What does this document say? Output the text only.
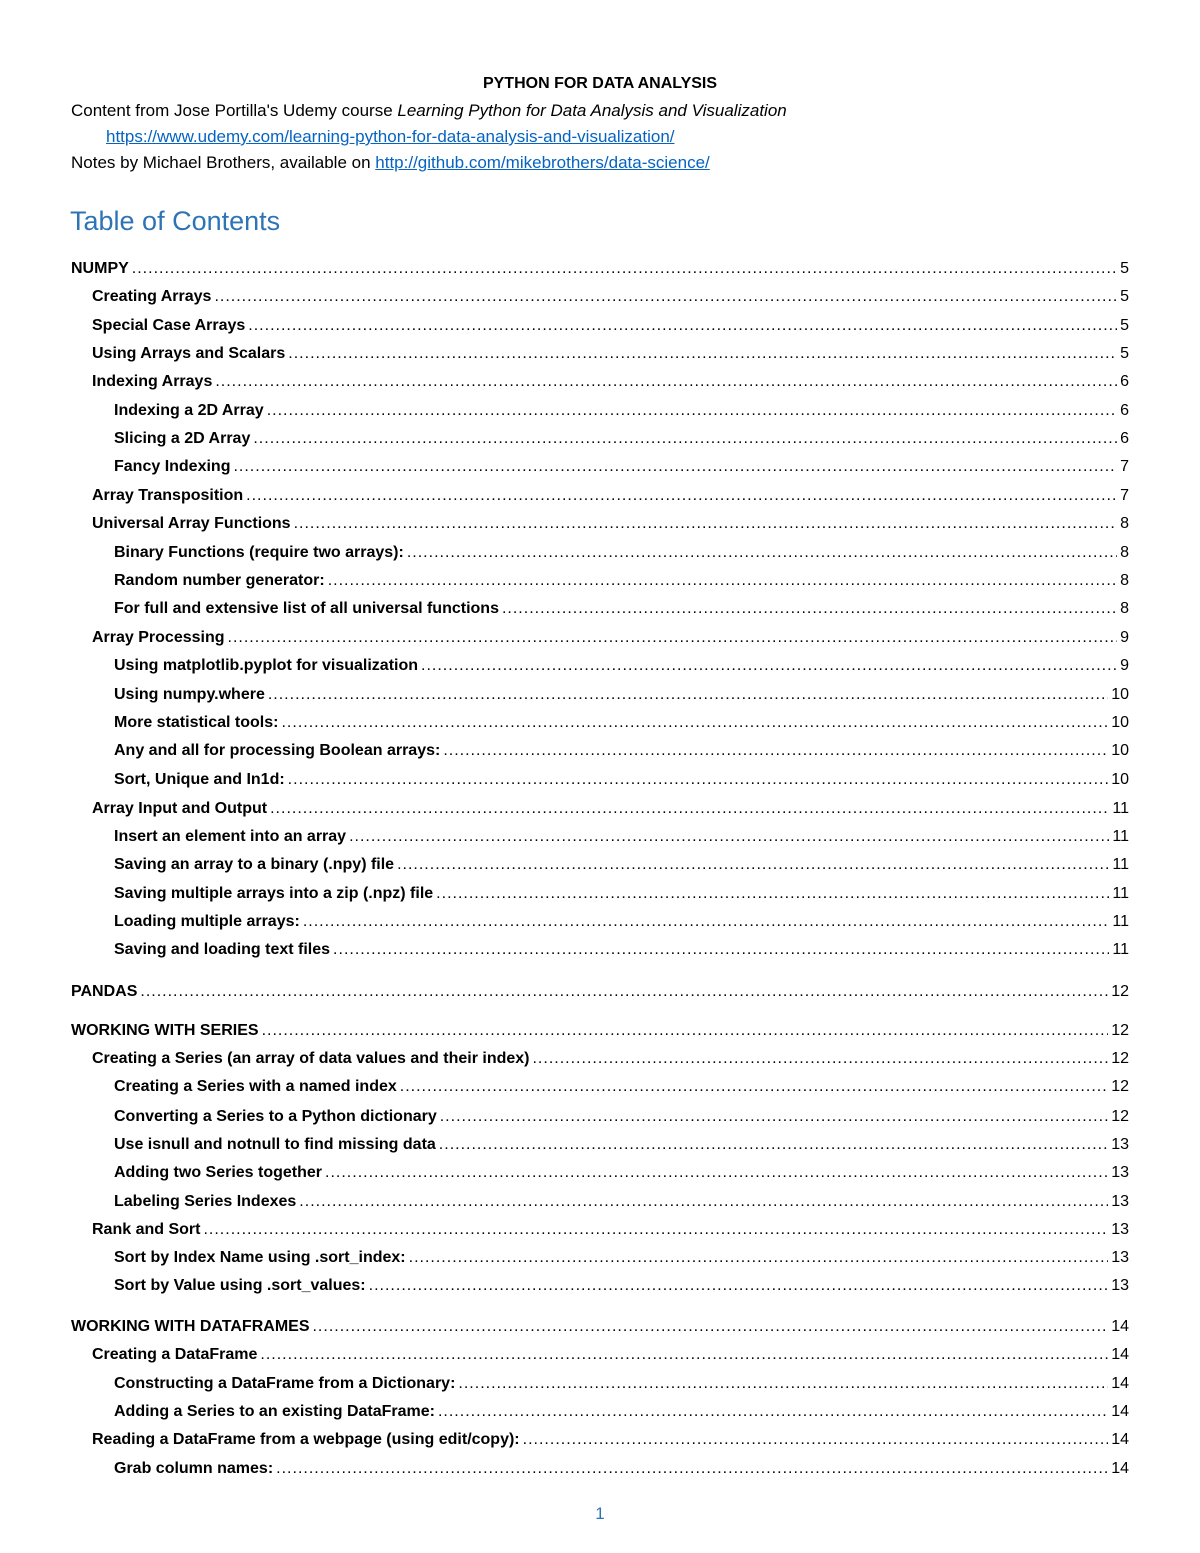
PYTHON FOR DATA ANALYSIS
Content from Jose Portilla's Udemy course Learning Python for Data Analysis and Visualization
https://www.udemy.com/learning-python-for-data-analysis-and-visualization/
Notes by Michael Brothers, available on http://github.com/mikebrothers/data-science/
Table of Contents
NUMPY .....	5
Creating Arrays .....	5
Special Case Arrays .....	5
Using Arrays and Scalars .....	5
Indexing Arrays .....	6
Indexing a 2D Array .....	6
Slicing a 2D Array .....	6
Fancy Indexing .....	7
Array Transposition .....	7
Universal Array Functions .....	8
Binary Functions (require two arrays): .....	8
Random number generator: .....	8
For full and extensive list of all universal functions .....	8
Array Processing .....	9
Using matplotlib.pyplot for visualization .....	9
Using numpy.where .....	10
More statistical tools: .....	10
Any and all for processing Boolean arrays: .....	10
Sort, Unique and In1d: .....	10
Array Input and Output .....	11
Insert an element into an array .....	11
Saving an array to a binary (.npy) file .....	11
Saving multiple arrays into a zip (.npz) file .....	11
Loading multiple arrays: .....	11
Saving and loading text files .....	11
PANDAS .....	12
WORKING WITH SERIES .....	12
Creating a Series (an array of data values and their index) .....	12
Creating a Series with a named index .....	12
Converting a Series to a Python dictionary .....	12
Use isnull and notnull to find missing data .....	13
Adding two Series together .....	13
Labeling Series Indexes .....	13
Rank and Sort .....	13
Sort by Index Name using .sort_index: .....	13
Sort by Value using .sort_values: .....	13
WORKING WITH DATAFRAMES .....	14
Creating a DataFrame .....	14
Constructing a DataFrame from a Dictionary: .....	14
Adding a Series to an existing DataFrame: .....	14
Reading a DataFrame from a webpage (using edit/copy): .....	14
Grab column names: .....	14
1
